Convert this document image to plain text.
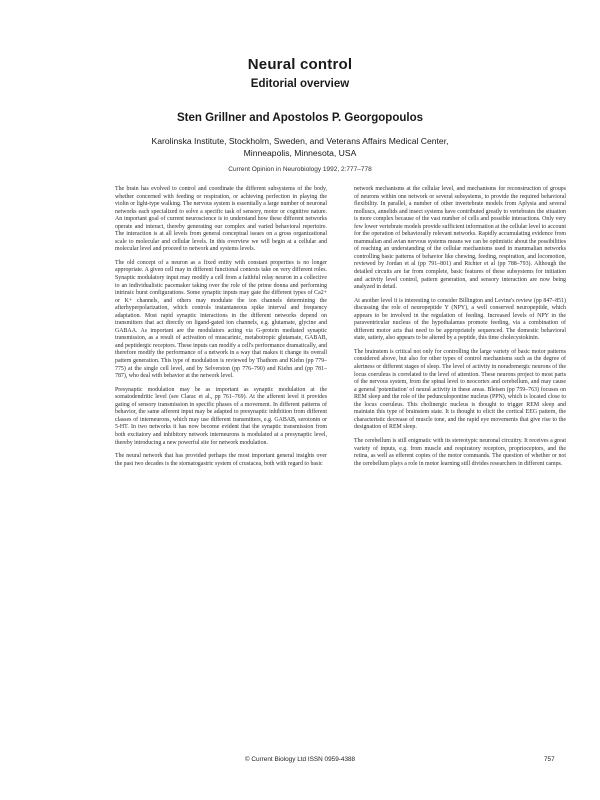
Neural control
Editorial overview
Sten Grillner and Apostolos P. Georgopoulos
Karolinska Institute, Stockholm, Sweden, and Veterans Affairs Medical Center, Minneapolis, Minnesota, USA
Current Opinion in Neurobiology 1992, 2:777–778

The brain has evolved to control and coordinate the different subsystems of the body, whether concerned with feeding or respiration, or achieving perfection in playing the violin or light-type walking. The nervous system is essentially a large number of neuronal networks each specialized to solve a specific task of sensory, motor or cognitive nature. An important goal of current neuroscience is to understand how these different networks operate and interact, thereby generating our complex and varied behavioral repertoire. The interaction is at all levels from general conceptual issues on a gross organizational scale to molecular and cellular levels. In this overview we will begin at a cellular and molecular level and proceed to network and systems levels.

The old concept of a neuron as a fixed entity with constant properties is no longer appropriate. A given cell may in different functional contexts take on very different roles. Synaptic modulatory input may modify a cell from a faithful relay neuron in a collective to an individualistic pacemaker taking over the role of the prime donna and performing intrinsic burst configurations. Some synaptic inputs may gate the different types of Ca2+ or K+ channels, and others may modulate the ion channels determining the afterhyperpolarization, which controls instantaneous spike interval and frequency adaptation. Most rapid synaptic interactions in the different networks depend on transmitters that act directly on ligand-gated ion channels, e.g. glutamate, glycine and GABAA. As important are the modulators acting via G-protein mediated synaptic transmission, as a result of activation of muscarinic, metabotropic glutamate, GABAB, and peptidergic receptors. These inputs can modify a cell's performance dramatically, and therefore modify the performance of a network in a way that makes it change its overall pattern generation. This type of modulation is reviewed by Thathom and Kiehn (pp 779–775) at the single cell level, and by Selverston (pp 776–790) and Kiehn and (pp 781–787), who deal with behavior at the network level.

Presynaptic modulation may be as important as synaptic modulation at the somatodendritic level (see Clarac et al., pp 761–769). At the afferent level it provides gating of sensory transmission in specific phases of a movement. In different patterns of behavior, the same afferent input may be adapted to presynaptic inhibition from different classes of interneurons, which may use different transmitters, e.g. GABAB, serotonin or 5-HT. In two networks it has now become evident that the synaptic transmission from both excitatory and inhibitory network interneurons is modulated at a presynaptic level, thereby introducing a new powerful site for network modulation.

The neural network that has provided perhaps the most important general insights over the past two decades is the stomatogastric system of crustacea, both with regard to basic

network mechanisms at the cellular level, and mechanisms for reconstruction of groups of neurons within one network or several subsystems, to provide the required behavioral flexibility. In parallel, a number of other invertebrate models from Aplysia and several molluscs, annelids and insect systems have contributed greatly to vertebrates the situation is more complex because of the vast number of cells and possible interactions. Only very few lower vertebrate models provide sufficient information at the cellular level to account for the operation of behaviorally relevant networks. Rapidly accumulating evidence from mammalian and avian nervous systems means we can be optimistic about the possibilities of reaching an understanding of the cellular mechanisms used in mammalian networks controlling basic patterns of behavior like chewing, feeding, respiration, and locomotion, reviewed by Jordan et al (pp 791–801) and Richter et al (pp 788–793). Although the detailed circuits are far from complete, basic features of these subsystems for initiation and activity level control, pattern generation, and sensory interaction are now being analyzed in detail.

At another level it is interesting to consider Billington and Levine's review (pp 847–851) discussing the role of neuropeptide Y (NPY), a well conserved neuropeptide, which appears to be involved in the regulation of feeding. Increased levels of NPY in the paraventricular nucleus of the hypothalamus promote feeding, via a combination of different motor acts that need to be appropriately sequenced. The domestic behavioral state, satiety, also appears to be altered by a peptide, this time cholecystokinin.

The brainstem is critical not only for controlling the large variety of basic motor patterns considered above, but also for other types of control mechanisms such as the degree of alertness or different stages of sleep. The level of activity in noradrenergic neurons of the locus coeruleus is correlated to the level of attention. These neurons project to most parts of the nervous system, from the spinal level to neocortex and cerebellum, and may cause a general 'potentiation' of neural activity in these areas. Bleisen (pp 759–763) focuses on REM sleep and the role of the pedunculopontine nucleus (PPN), which is located close to the locus coeruleus. This cholinergic nucleus is thought to trigger REM sleep and maintain this type of brainstem state. It is thought to elicit the cortical EEG pattern, the characteristic decrease of muscle tone, and the rapid eye movements that give rise to the designation of REM sleep.

The cerebellum is still enigmatic with its stereotypic neuronal circuitry. It receives a great variety of inputs, e.g. from muscle and respiratory receptors, proprioceptors, and the retina, as well as efferent copies of the motor commands. The question of whether or not the cerebellum plays a role in motor learning still divides researchers in different camps.

© Current Biology Ltd ISSN 0959-4388	757
